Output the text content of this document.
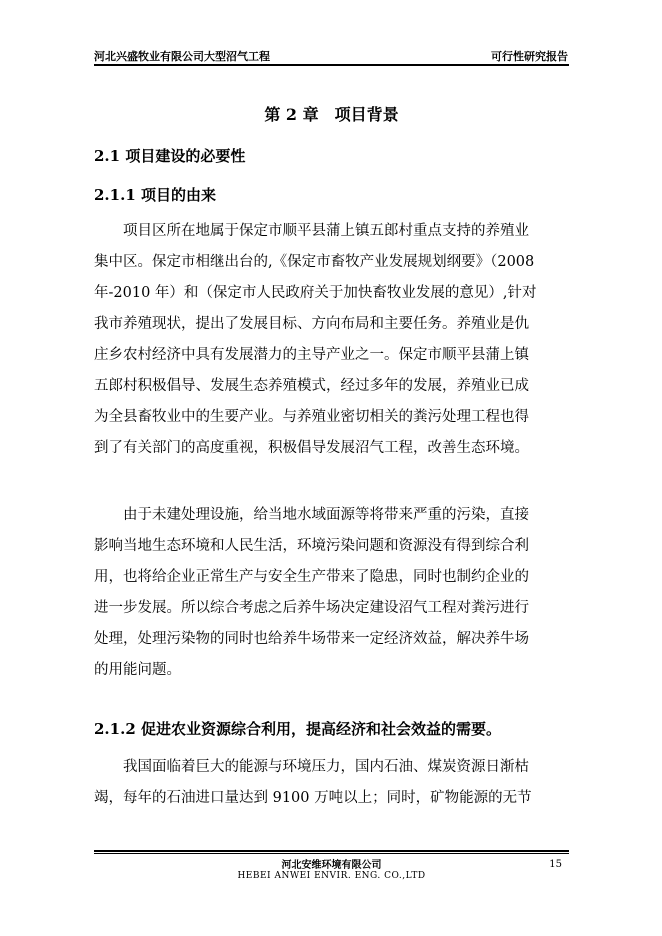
河北兴盛牧业有限公司大型沼气工程	可行性研究报告
第 2 章　项目背景
2.1 项目建设的必要性
2.1.1 项目的由来
项目区所在地属于保定市顺平县蒲上镇五郎村重点支持的养殖业
集中区。保定市相继出台的,《保定市畜牧产业发展规划纲要》（2008
年-2010 年）和（保定市人民政府关于加快畜牧业发展的意见）,针对
我市养殖现状，提出了发展目标、方向布局和主要任务。养殖业是仇
庄乡农村经济中具有发展潜力的主导产业之一。保定市顺平县蒲上镇
五郎村积极倡导、发展生态养殖模式，经过多年的发展，养殖业已成
为全县畜牧业中的生要产业。与养殖业密切相关的粪污处理工程也得
到了有关部门的高度重视，积极倡导发展沼气工程，改善生态环境。
由于未建处理设施，给当地水域面源等将带来严重的污染，直接
影响当地生态环境和人民生活，环境污染问题和资源没有得到综合利
用，也将给企业正常生产与安全生产带来了隐患，同时也制约企业的
进一步发展。所以综合考虑之后养牛场决定建设沼气工程对粪污进行
处理，处理污染物的同时也给养牛场带来一定经济效益，解决养牛场
的用能问题。
2.1.2 促进农业资源综合利用，提高经济和社会效益的需要。
我国面临着巨大的能源与环境压力，国内石油、煤炭资源日渐枯
竭，每年的石油进口量达到 9100 万吨以上；同时，矿物能源的无节
河北安维环境有限公司
HEBEI ANWEI ENVIR. ENG. CO.,LTD
15
